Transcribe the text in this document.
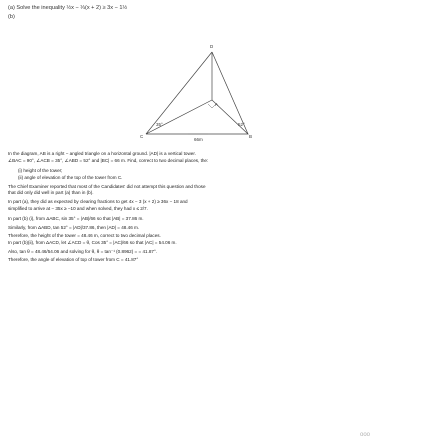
(a) Solve the inequality ½x − ⅓(x + 2) ≥ 3x − 1½
(b)
D
A
C	B
35°	52°
66m
In the diagram, AB is a right − angled triangle on a horizontal ground. |AD| is a vertical tower.
∠BAC = 90°, ∠ACB = 35°, ∠ABD = 52° and |BC| = 66 m. Find, correct to two decimal places, the:
(i) height of the tower;
(ii) angle of elevation of the top of the tower from C.
The Chief Examiner reported that most of the Candidates' did not attempt this question and those
that did only did well in part (a) than in (b).
In part (a), they did as expected by clearing fractions to get 4x − 3 (x + 2) ≥ 36x − 18 and
simplified to arrive at − 35x ≥ −10 and when solved, they had x ≤ 2/7.
In part (b) (i), from ΔABC, sin 35° = |AB|/66 so that |AB| = 37.86 m.
Similarly, from ΔABD, tan 52° = |AD|/37.86, then |AD| = 48.46 m.
Therefore, the height of the tower = 48.46 m, correct to two decimal places.
In part (b)(ii), from ΔACD, let ∠ACD = θ, Cos 35° = |AC|/66 so that |AC| = 54.06 m.
Also, tan θ = 48.46/54.06 and solving for θ, θ = tan⁻¹ (0.8962) = = 41.87°.
Therefore, the angle of elevation of top of tower from C = 41.87°
ooo
